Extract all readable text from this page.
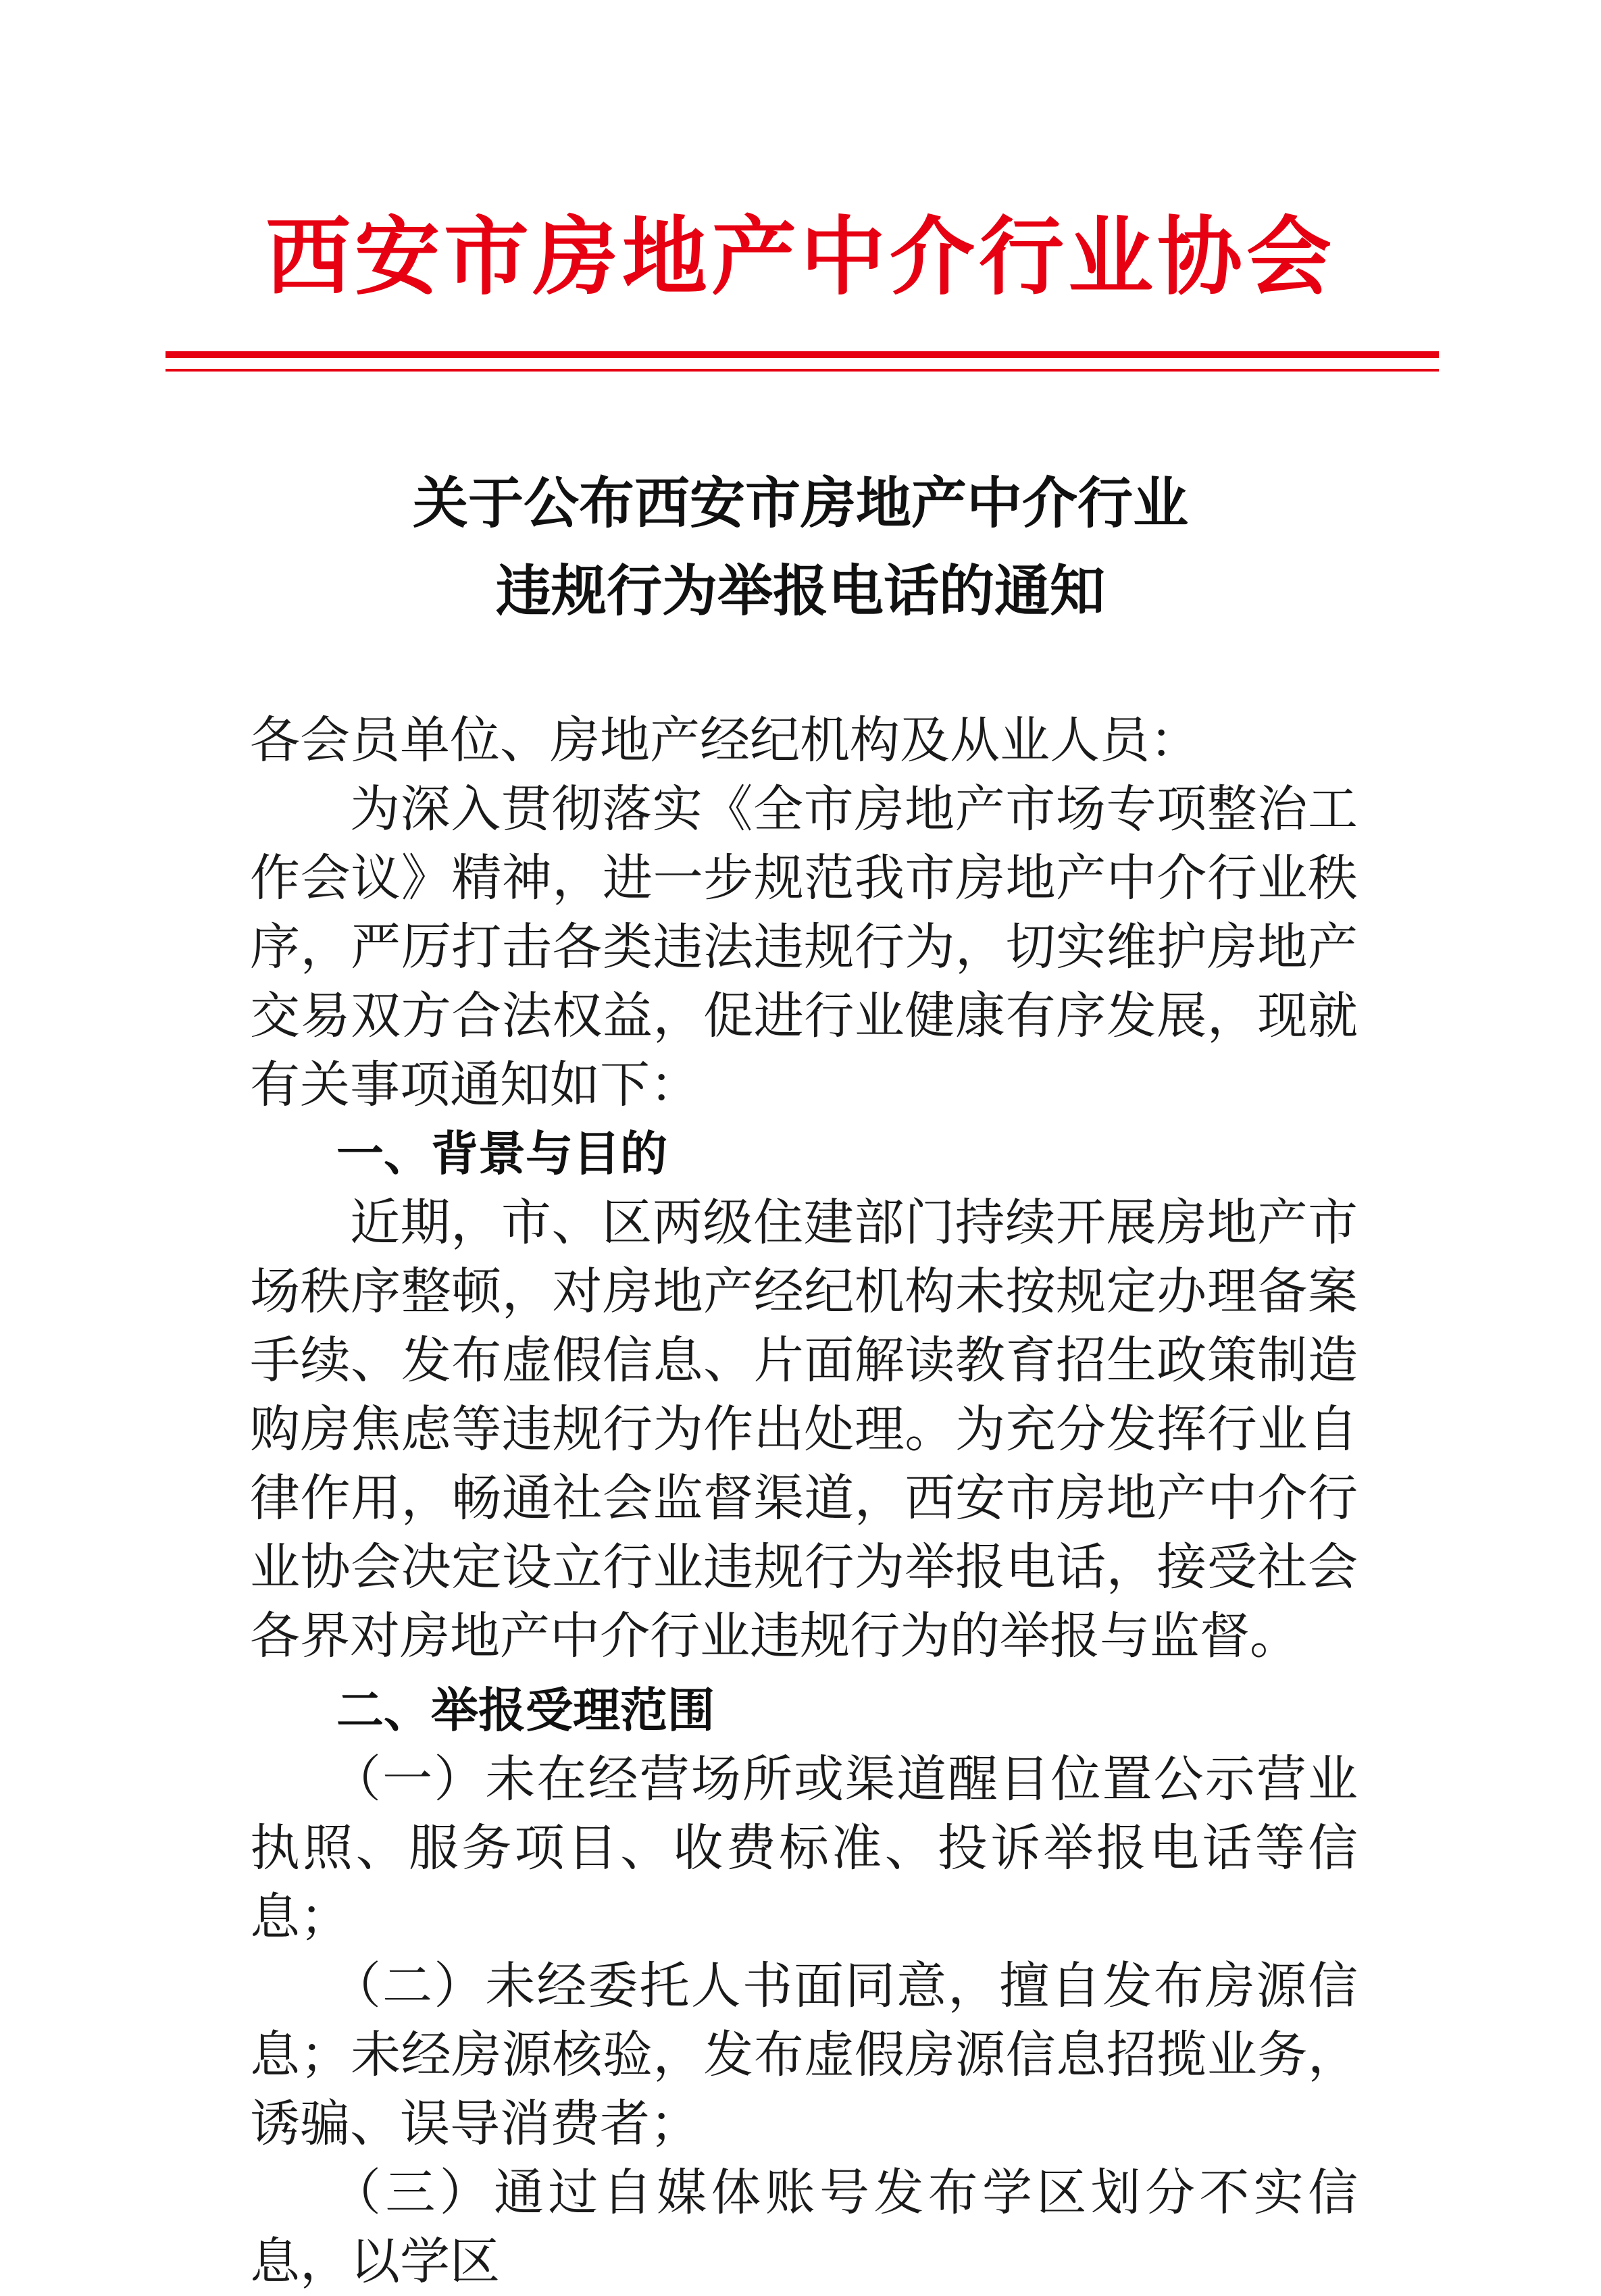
西安市房地产中介行业协会
关于公布西安市房地产中介行业
违规行为举报电话的通知

各会员单位、房地产经纪机构及从业人员：

为深入贯彻落实《全市房地产市场专项整治工作会议》精神，进一步规范我市房地产中介行业秩序，严厉打击各类违法违规行为，切实维护房地产交易双方合法权益，促进行业健康有序发展，现就有关事项通知如下：

一、背景与目的

近期，市、区两级住建部门持续开展房地产市场秩序整顿，对房地产经纪机构未按规定办理备案手续、发布虚假信息、片面解读教育招生政策制造购房焦虑等违规行为作出处理。为充分发挥行业自律作用，畅通社会监督渠道，西安市房地产中介行业协会决定设立行业违规行为举报电话，接受社会各界对房地产中介行业违规行为的举报与监督。

二、举报受理范围

（一）未在经营场所或渠道醒目位置公示营业执照、服务项目、收费标准、投诉举报电话等信息；

（二）未经委托人书面同意，擅自发布房源信息；未经房源核验，发布虚假房源信息招揽业务，诱骗、误导消费者；

（三）通过自媒体账号发布学区划分不实信息，以学区
